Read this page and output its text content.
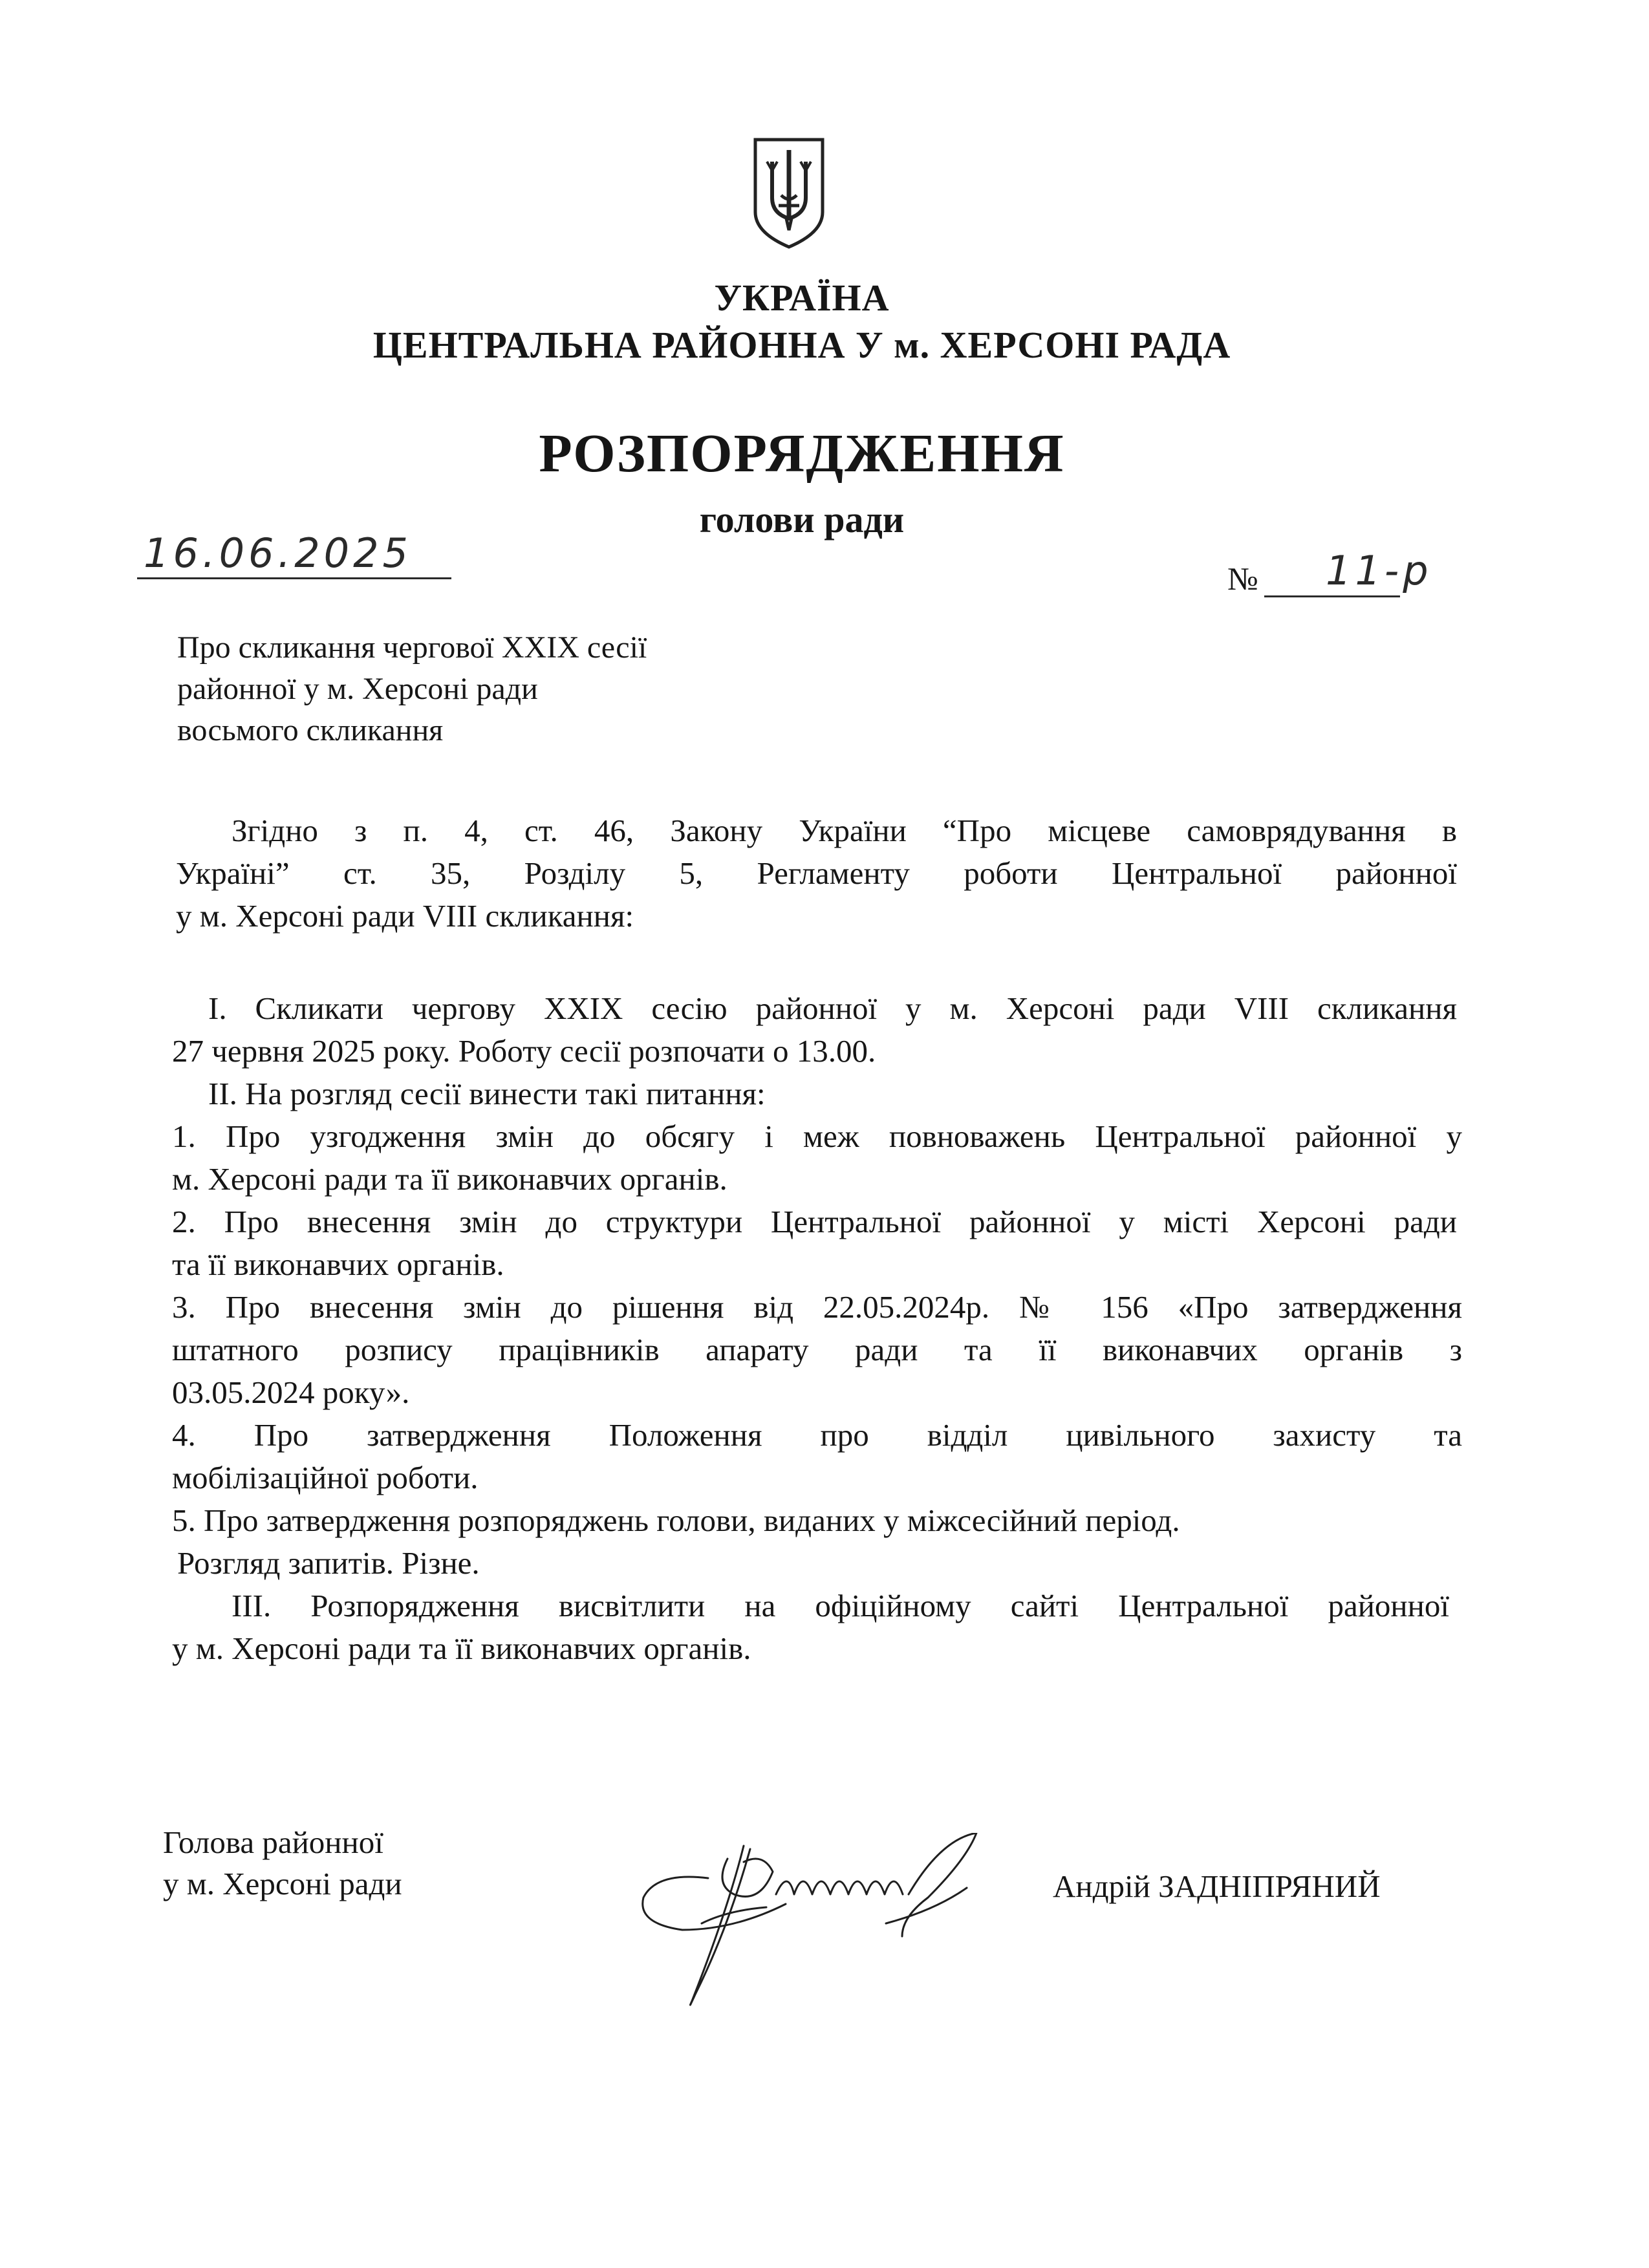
УКРАЇНА
ЦЕНТРАЛЬНА РАЙОННА У м. ХЕРСОНІ РАДА
РОЗПОРЯДЖЕННЯ
голови ради
16.06.2025
№ 11-р
Про скликання чергової XXIX сесії
районної у м. Херсоні ради
восьмого скликання
Згідно з п. 4, ст. 46, Закону України “Про місцеве самоврядування в
Україні” ст. 35, Розділу 5, Регламенту роботи Центральної районної
у м. Херсоні ради VIII скликання:
І. Скликати чергову XXIX сесію районної у м. Херсоні ради VIII скликання
27 червня 2025 року. Роботу сесії розпочати о 13.00.
ІІ. На розгляд сесії винести такі питання:
1. Про узгодження змін до обсягу і меж повноважень Центральної районної у
м. Херсоні ради та її виконавчих органів.
2. Про внесення змін до структури Центральної районної у місті Херсоні ради
та її виконавчих органів.
3. Про внесення змін до рішення від 22.05.2024р. № 156 «Про затвердження
штатного розпису працівників апарату ради та її виконавчих органів з
03.05.2024 року».
4. Про затвердження Положення про відділ цивільного захисту та
мобілізаційної роботи.
5. Про затвердження розпоряджень голови, виданих у міжсесійний період.
Розгляд запитів. Різне.
ІІІ. Розпорядження висвітлити на офіційному сайті Центральної районної
у м. Херсоні ради та її виконавчих органів.
Голова районної
у м. Херсоні ради	Андрій ЗАДНІПРЯНИЙ
